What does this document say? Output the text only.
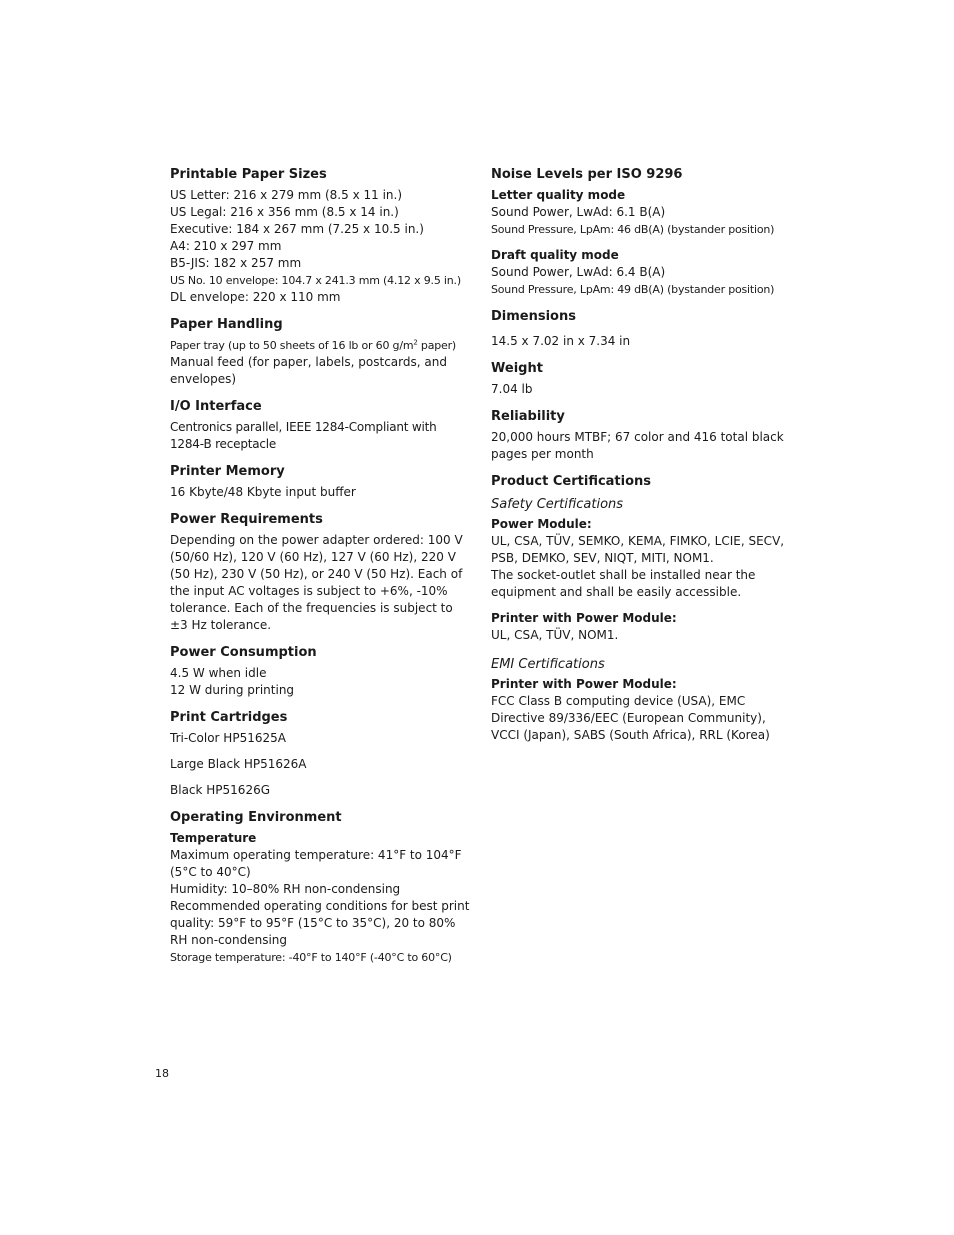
Printable Paper Sizes
US Letter: 216 x 279 mm (8.5 x 11 in.)
US Legal: 216 x 356 mm (8.5 x 14 in.)
Executive: 184 x 267 mm (7.25 x 10.5 in.)
A4: 210 x 297 mm
B5-JIS: 182 x 257 mm
US No. 10 envelope: 104.7 x 241.3 mm (4.12 x 9.5 in.)
DL envelope: 220 x 110 mm
Paper Handling
Paper tray (up to 50 sheets of 16 lb or 60 $g/m^2$ paper)
Manual feed (for paper, labels, postcards, and envelopes)
I/O Interface
Centronics parallel, IEEE 1284-Compliant with 1284-B receptacle
Printer Memory
16 Kbyte/48 Kbyte input buffer
Power Requirements
Depending on the power adapter ordered: 100 V (50/60 Hz), 120 V (60 Hz), 127 V (60 Hz), 220 V (50 Hz), 230 V (50 Hz), or 240 V (50 Hz). Each of the input AC voltages is subject to +6%, -10% tolerance. Each of the frequencies is subject to ±3 Hz tolerance.
Power Consumption
4.5 W when idle
12 W during printing
Print Cartridges
Tri-Color HP51625A
Large Black HP51626A
Black HP51626G
Operating Environment
Temperature
Maximum operating temperature: 41°F to 104°F
(5°C to 40°C)
Humidity: 10–80% RH non-condensing
Recommended operating conditions for best print
quality: 59°F to 95°F (15°C to 35°C), 20 to 80%
RH non-condensing
Storage temperature: -40°F to 140°F (-40°C to 60°C)
Noise Levels per ISO 9296
Letter quality mode
Sound Power, LwAd: 6.1 B(A)
Sound Pressure, LpAm: 46 dB(A) (bystander position)
Draft quality mode
Sound Power, LwAd: 6.4 B(A)
Sound Pressure, LpAm: 49 dB(A) (bystander position)
Dimensions
14.5 x 7.02 in x 7.34 in
Weight
7.04 lb
Reliability
20,000 hours MTBF; 67 color and 416 total black pages per month
Product Certifications
Safety Certifications
Power Module:
UL, CSA, TÜV, SEMKO, KEMA, FIMKO, LCIE, SECV, PSB, DEMKO, SEV, NIQT, MITI, NOM1.
The socket-outlet shall be installed near the equipment and shall be easily accessible.
Printer with Power Module:
UL, CSA, TÜV, NOM1.
EMI Certifications
Printer with Power Module:
FCC Class B computing device (USA), EMC Directive 89/336/EEC (European Community), VCCI (Japan), SABS (South Africa), RRL (Korea)
18
